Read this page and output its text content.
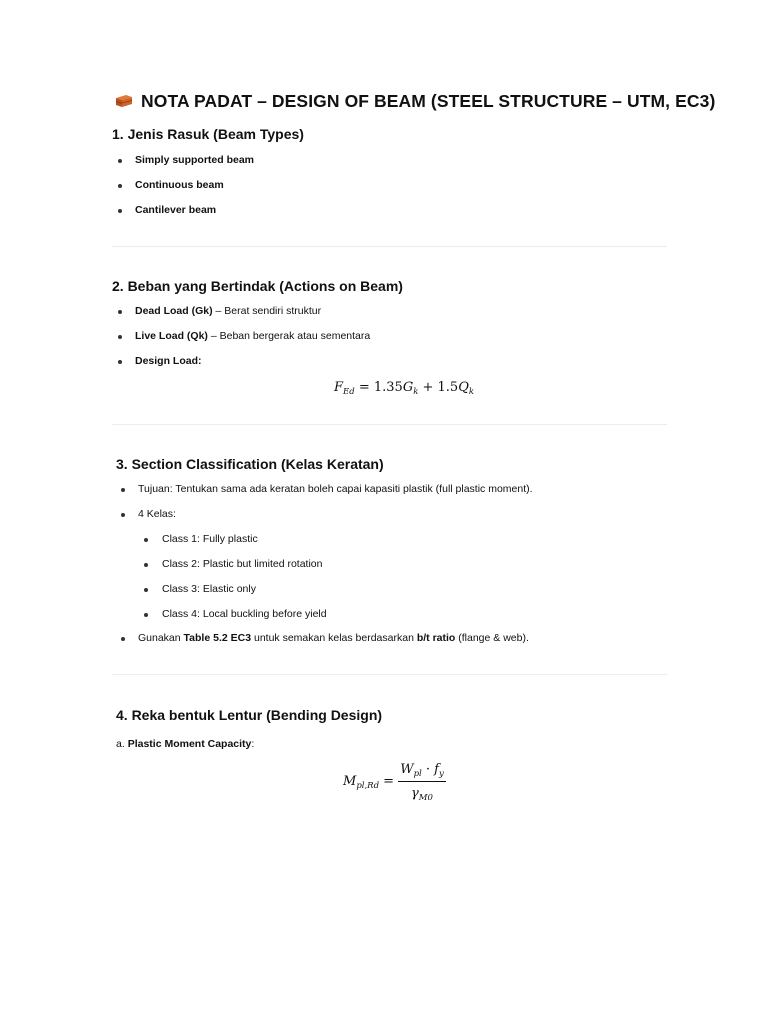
NOTA PADAT – DESIGN OF BEAM (STEEL STRUCTURE – UTM, EC3)
1. Jenis Rasuk (Beam Types)
Simply supported beam
Continuous beam
Cantilever beam
2. Beban yang Bertindak (Actions on Beam)
Dead Load (Gk) – Berat sendiri struktur
Live Load (Qk) – Beban bergerak atau sementara
Design Load:
$F_{Ed} = 1.35G_k + 1.5Q_k$
3. Section Classification (Kelas Keratan)
Tujuan: Tentukan sama ada keratan boleh capai kapasiti plastik (full plastic moment).
4 Kelas:
Class 1: Fully plastic
Class 2: Plastic but limited rotation
Class 3: Elastic only
Class 4: Local buckling before yield
Gunakan Table 5.2 EC3 untuk semakan kelas berdasarkan b/t ratio (flange & web).
4. Reka bentuk Lentur (Bending Design)
a. Plastic Moment Capacity:
$M_{pl,Rd} = \frac{W_{pl} \cdot f_y}{\gamma_{M0}}$
